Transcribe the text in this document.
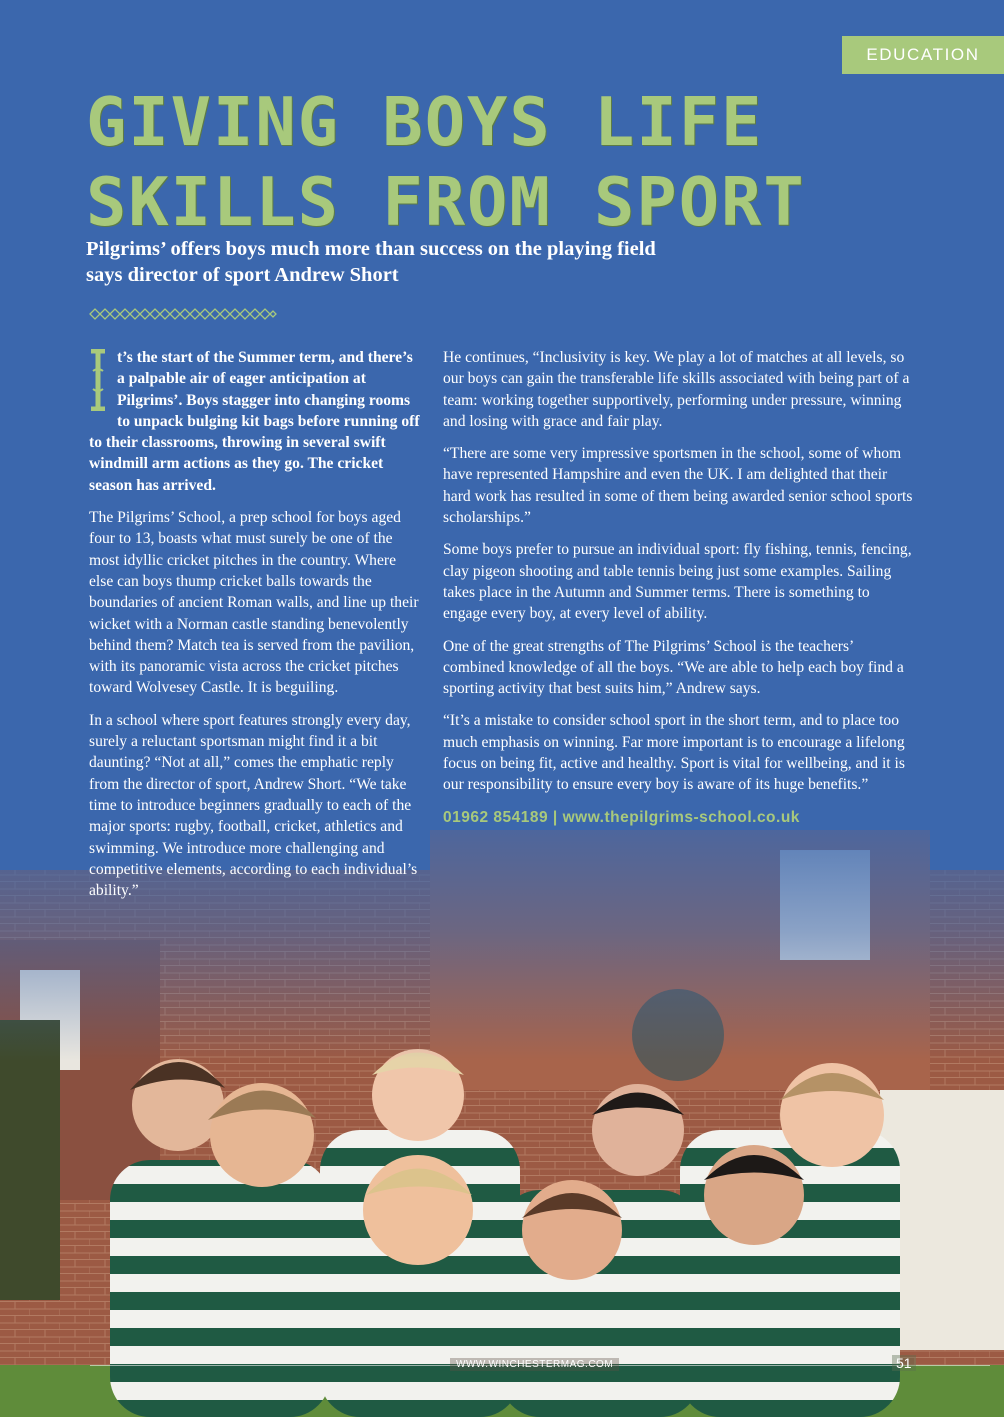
EDUCATION
GIVING BOYS LIFE
SKILLS FROM SPORT
Pilgrims’ offers boys much more than success on the playing field
says director of sport Andrew Short

t’s the start of the Summer term, and there’s a palpable air of eager anticipation at Pilgrims’. Boys stagger into changing rooms to unpack bulging kit bags before running off to their classrooms, throwing in several swift windmill arm actions as they go. The cricket season has arrived.

The Pilgrims’ School, a prep school for boys aged four to 13, boasts what must surely be one of the most idyllic cricket pitches in the country. Where else can boys thump cricket balls towards the boundaries of ancient Roman walls, and line up their wicket with a Norman castle standing benevolently behind them? Match tea is served from the pavilion, with its panoramic vista across the cricket pitches toward Wolvesey Castle. It is beguiling.

In a school where sport features strongly every day, surely a reluctant sportsman might find it a bit daunting? “Not at all,” comes the emphatic reply from the director of sport, Andrew Short. “We take time to introduce beginners gradually to each of the major sports: rugby, football, cricket, athletics and swimming. We introduce more challenging and competitive elements, according to each individual’s ability.”

He continues, “Inclusivity is key. We play a lot of matches at all levels, so our boys can gain the transferable life skills associated with being part of a team: working together supportively, performing under pressure, winning and losing with grace and fair play.

“There are some very impressive sportsmen in the school, some of whom have represented Hampshire and even the UK. I am delighted that their hard work has resulted in some of them being awarded senior school sports scholarships.”

Some boys prefer to pursue an individual sport: fly fishing, tennis, fencing, clay pigeon shooting and table tennis being just some examples. Sailing takes place in the Autumn and Summer terms. There is something to engage every boy, at every level of ability.

One of the great strengths of The Pilgrims’ School is the teachers’ combined knowledge of all the boys. “We are able to help each boy find a sporting activity that best suits him,” Andrew says.

“It’s a mistake to consider school sport in the short term, and to place too much emphasis on winning. Far more important is to encourage a lifelong focus on being fit, active and healthy. Sport is vital for wellbeing, and it is our responsibility to ensure every boy is aware of its huge benefits.”

01962 854189 | www.thepilgrims-school.co.uk
WWW.WINCHESTERMAG.COM	51
